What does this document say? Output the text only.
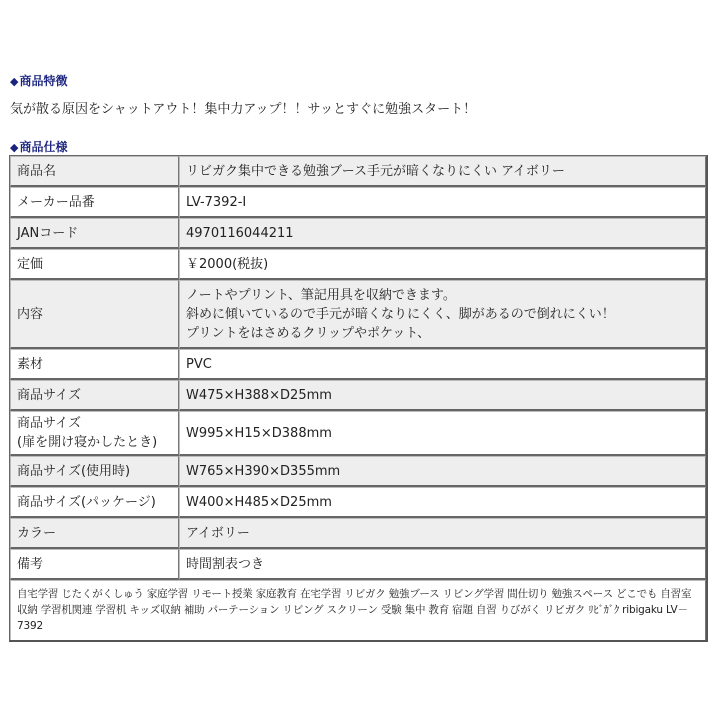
◆商品特徴
気が散る原因をシャットアウト！集中力アップ！！サッとすぐに勉強スタート！
◆商品仕様
商品名	リビガク集中できる勉強ブース手元が暗くなりにくい アイボリー
メーカー品番	LV-7392-I
JANコード	4970116044211
定価	￥2000(税抜)
内容	ノートやプリント、筆記用具を収納できます。
斜めに傾いているので手元が暗くなりにくく、脚があるので倒れにくい！
プリントをはさめるクリップやポケット、

素材	PVC
商品サイズ	W475×H388×D25mm

商品サイズ
(扉を開け寝かしたとき)	W995×H15×D388mm
商品サイズ(使用時)	W765×H390×D355mm
商品サイズ(パッケージ)	W400×H485×D25mm
カラー	アイボリー
備考	時間割表つき
自宅学習 じたくがくしゅう 家庭学習 リモート授業 家庭教育 在宅学習 リビガク 勉強ブース リビング学習 間仕切り 勉強スペース どこでも 自習室 収納 学習机関連 学習机 キッズ収納 補助 パーテーション リビング スクリーン 受験 集中 教育 宿題 自習 りびがく リビガク ﾘﾋﾞｶﾞｸ ribigaku LV－7392	
